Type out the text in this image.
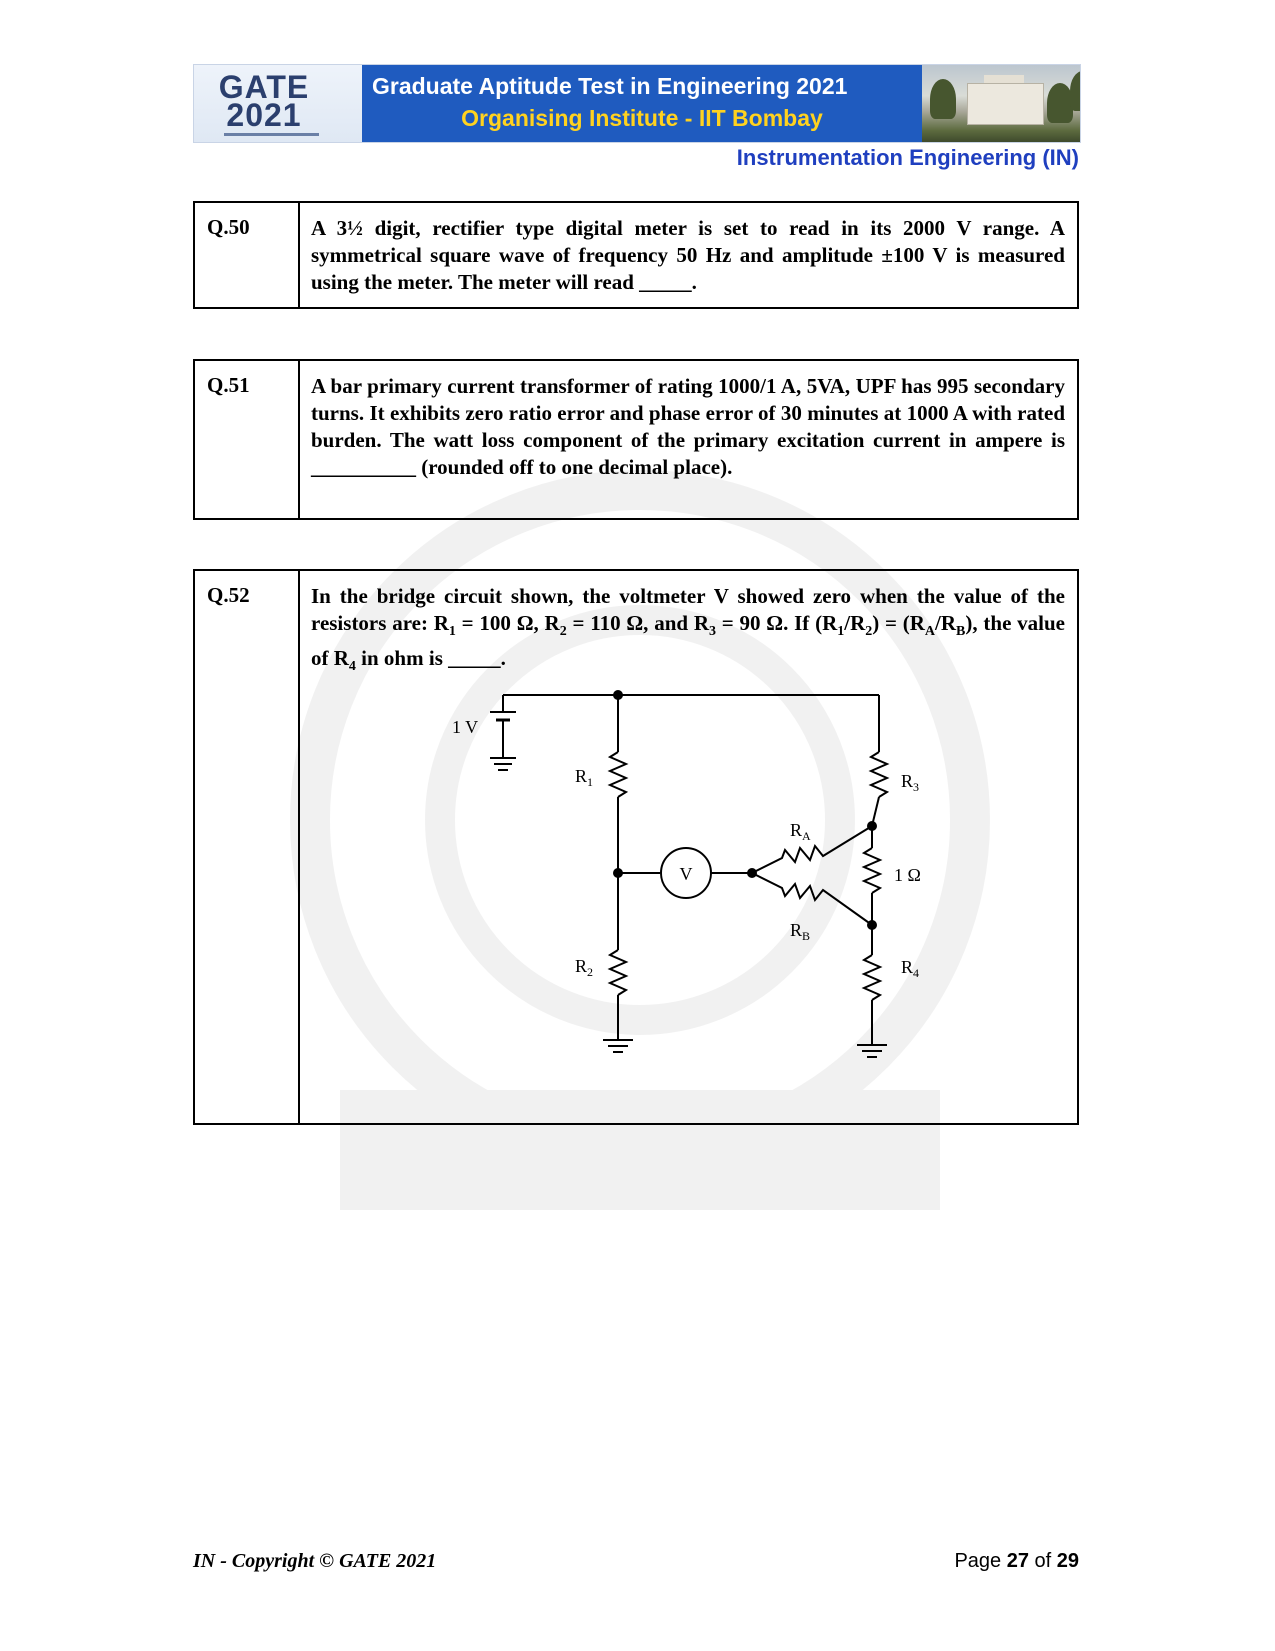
GATE
2021
Graduate Aptitude Test in Engineering 2021
Organising Institute - IIT Bombay
Instrumentation Engineering (IN)
Q.50	A 3½ digit, rectifier type digital meter is set to read in its 2000 V range. A symmetrical square wave of frequency 50 Hz and amplitude ±100 V is measured using the meter. The meter will read _____.
Q.51	A bar primary current transformer of rating 1000/1 A, 5VA, UPF has 995 secondary turns. It exhibits zero ratio error and phase error of 30 minutes at 1000 A with rated burden. The watt loss component of the primary excitation current in ampere is __________ (rounded off to one decimal place).
Q.52	In the bridge circuit shown, the voltmeter V showed zero when the value of the resistors are: $R_1 = 100$ Ω, $R_2 = 110$ Ω, and $R_3 = 90$ Ω. If $(R_1/R_2) = (R_A/R_B)$, the value of $R_4$ in ohm is _____.
1 V
$R_1$
$R_2$
$R_3$
$R_4$
$R_A$
$R_B$
1 Ω
V
IN - Copyright © GATE 2021	Page 27 of 29
